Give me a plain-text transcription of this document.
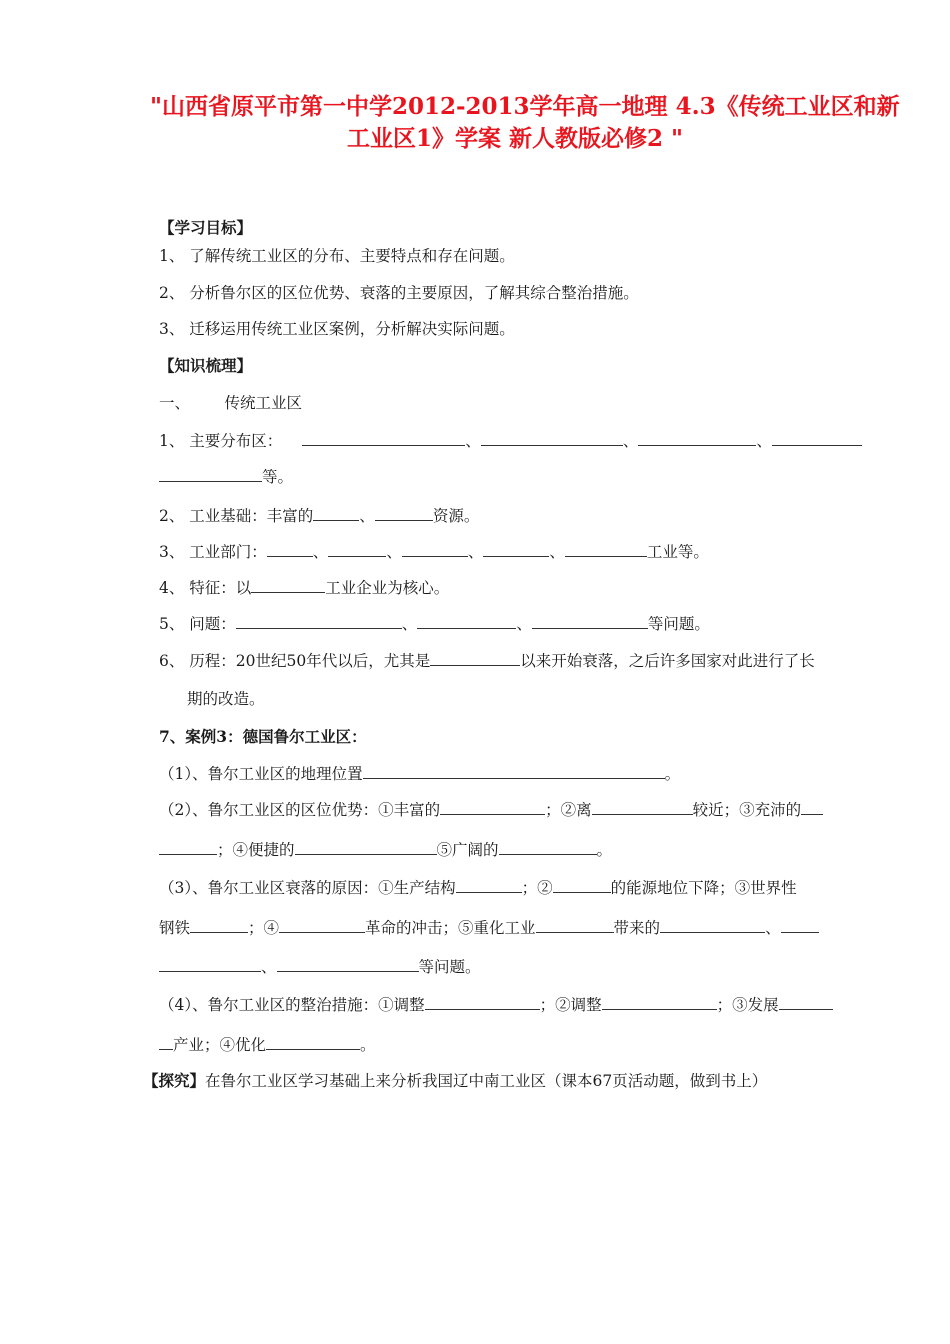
"山西省原平市第一中学2012-2013学年高一地理 4.3《传统工业区和新
工业区1》学案 新人教版必修2 "
【学习目标】
1、 了解传统工业区的分布、主要特点和存在问题。
2、 分析鲁尔区的区位优势、衰落的主要原因，了解其综合整治措施。
3、 迁移运用传统工业区案例，分析解决实际问题。
【知识梳理】
一、       传统工业区
1、 主要分布区：	、	、	、
等。
2、 工业基础：丰富的	、	资源。
3、 工业部门：	、	、	、	、	工业等。
4、 特征：以	工业企业为核心。
5、 问题：	、	、	等问题。
6、 历程：20世纪50年代以后，尤其是	以来开始衰落，之后许多国家对此进行了长
期的改造。
7、案例3：德国鲁尔工业区：
（1）、鲁尔工业区的地理位置	。
（2）、鲁尔工业区的区位优势：①丰富的	；②离	较近；③充沛的
；④便捷的	⑤广阔的	。
（3）、鲁尔工业区衰落的原因：①生产结构	；②	的能源地位下降；③世界性
钢铁	；④	革命的冲击；⑤重化工业	带来的	、
、	等问题。
（4）、鲁尔工业区的整治措施：①调整	；②调整	；③发展
产业；④优化	。
【探究】在鲁尔工业区学习基础上来分析我国辽中南工业区（课本67页活动题，做到书上）
